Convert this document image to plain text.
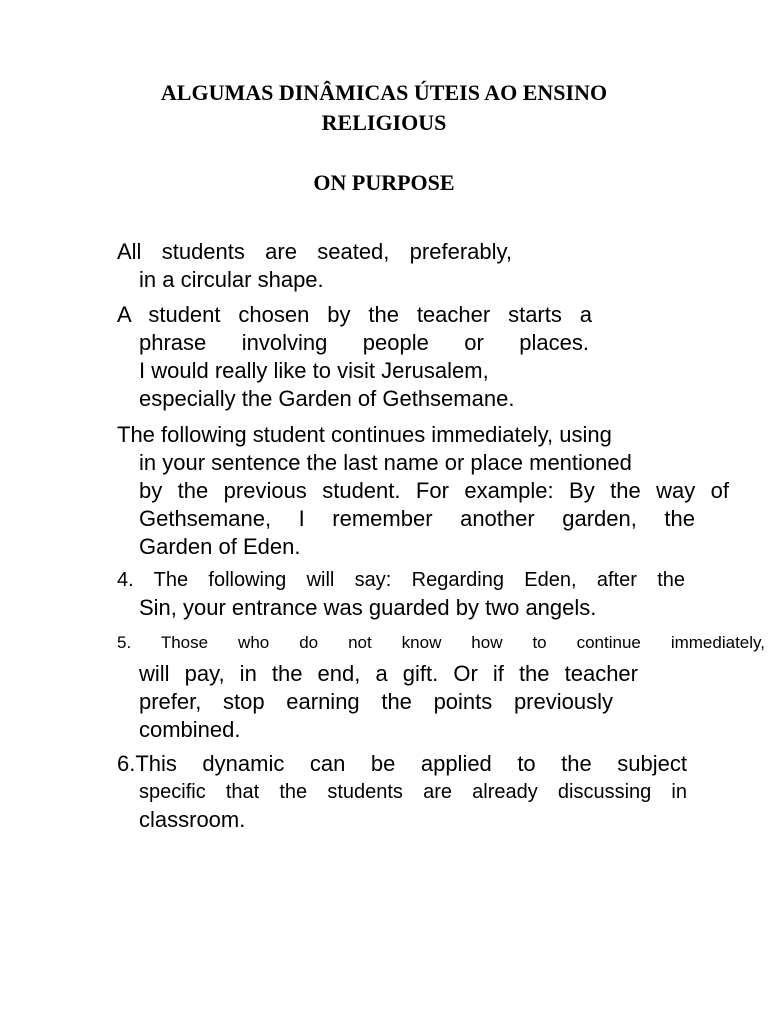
ALGUMAS DINÂMICAS ÚTEIS AO ENSINO
RELIGIOUS
ON PURPOSE
All students are seated, preferably,
in a circular shape.
A student chosen by the teacher starts a
phrase involving people or places.
I would really like to visit Jerusalem,
especially the Garden of Gethsemane.
The following student continues immediately, using
in your sentence the last name or place mentioned
by the previous student. For example: By the way of
Gethsemane, I remember another garden, the
Garden of Eden.
4. The following will say: Regarding Eden, after the
Sin, your entrance was guarded by two angels.
5. Those who do not know how to continue immediately,
will pay, in the end, a gift. Or if the teacher
prefer, stop earning the points previously
combined.
6.This dynamic can be applied to the subject
specific that the students are already discussing in
classroom.
